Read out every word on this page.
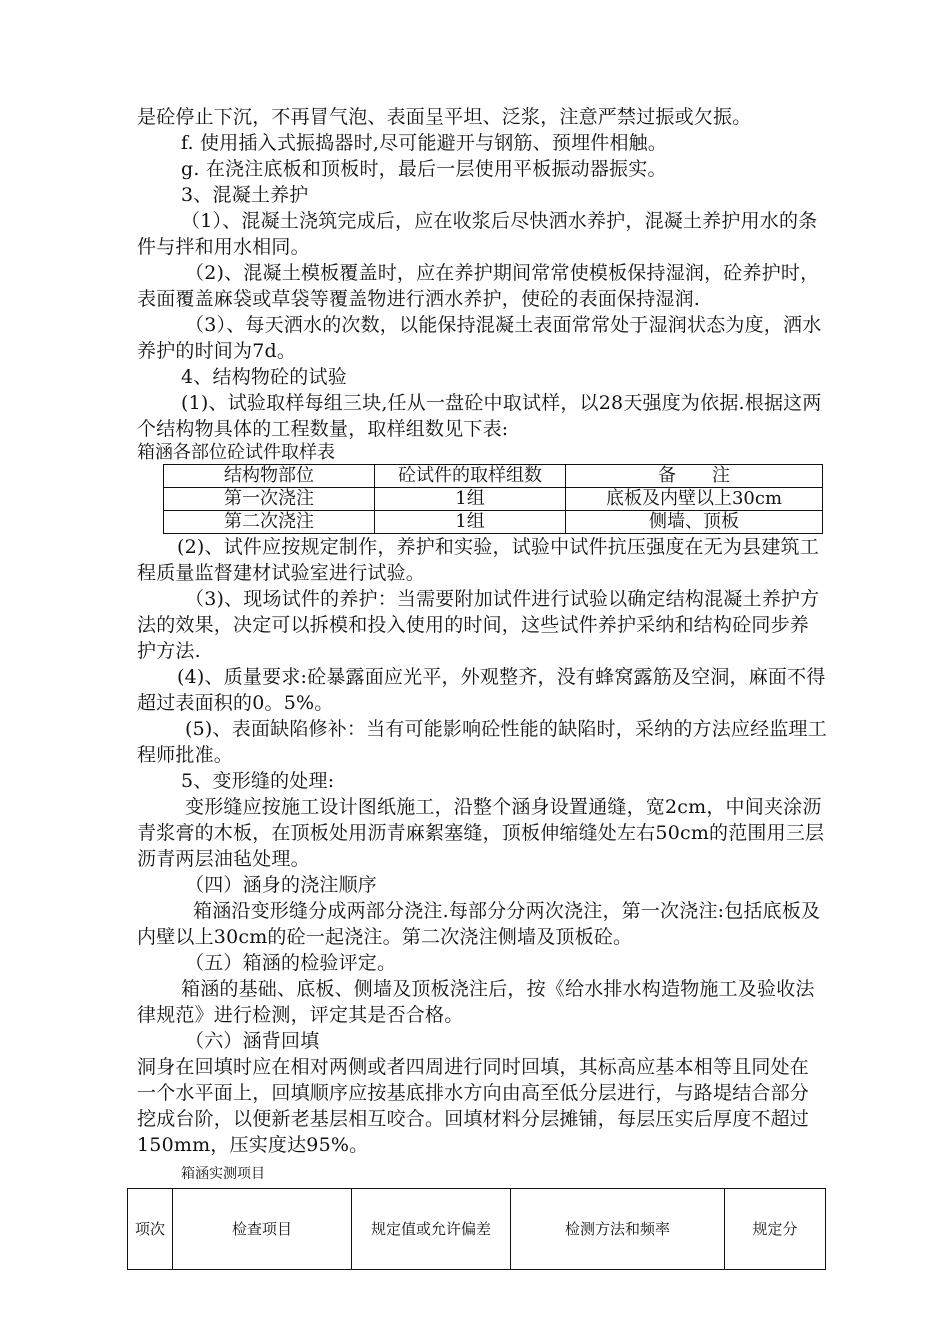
是砼停止下沉，不再冒气泡、表面呈平坦、泛浆，注意严禁过振或欠振。

f. 使用插入式振捣器时,尽可能避开与钢筋、预埋件相触。

g. 在浇注底板和顶板时，最后一层使用平板振动器振实。

3、混凝土养护

（1）、混凝土浇筑完成后，应在收浆后尽快洒水养护，混凝土养护用水的条件与拌和用水相同。

（2)、混凝土模板覆盖时，应在养护期间常常使模板保持湿润，砼养护时，表面覆盖麻袋或草袋等覆盖物进行洒水养护，使砼的表面保持湿润.

（3）、每天洒水的次数，以能保持混凝土表面常常处于湿润状态为度，洒水养护的时间为7d。

4、结构物砼的试验

(1)、试验取样每组三块,任从一盘砼中取试样，以28天强度为依据.根据这两个结构物具体的工程数量，取样组数见下表:

箱涵各部位砼试件取样表

结构物部位	砼试件的取样组数	备　　注
第一次浇注	1组	底板及内壁以上30cm
第二次浇注	1组	侧墙、顶板

(2)、试件应按规定制作，养护和实验，试验中试件抗压强度在无为县建筑工程质量监督建材试验室进行试验。

（3)、现场试件的养护：当需要附加试件进行试验以确定结构混凝土养护方法的效果，决定可以拆模和投入使用的时间，这些试件养护采纳和结构砼同步养护方法.

(4)、质量要求:砼暴露面应光平，外观整齐，没有蜂窝露筋及空洞，麻面不得超过表面积的0。5%。

(5)、表面缺陷修补：当有可能影响砼性能的缺陷时，采纳的方法应经监理工程师批准。

5、变形缝的处理:

变形缝应按施工设计图纸施工，沿整个涵身设置通缝，宽2cm，中间夹涂沥青浆膏的木板，在顶板处用沥青麻絮塞缝，顶板伸缩缝处左右50cm的范围用三层沥青两层油毡处理。

（四）涵身的浇注顺序

箱涵沿变形缝分成两部分浇注.每部分分两次浇注，第一次浇注:包括底板及内壁以上30cm的砼一起浇注。第二次浇注侧墙及顶板砼。

（五）箱涵的检验评定。

箱涵的基础、底板、侧墙及顶板浇注后，按《给水排水构造物施工及验收法律规范》进行检测，评定其是否合格。

（六）涵背回填

洞身在回填时应在相对两侧或者四周进行同时回填，其标高应基本相等且同处在一个水平面上，回填顺序应按基底排水方向由高至低分层进行，与路堤结合部分挖成台阶，以便新老基层相互咬合。回填材料分层摊铺，每层压实后厚度不超过150mm，压实度达95%。

箱涵实测项目

项次	检查项目	规定值或允许偏差	检测方法和频率	规定分
